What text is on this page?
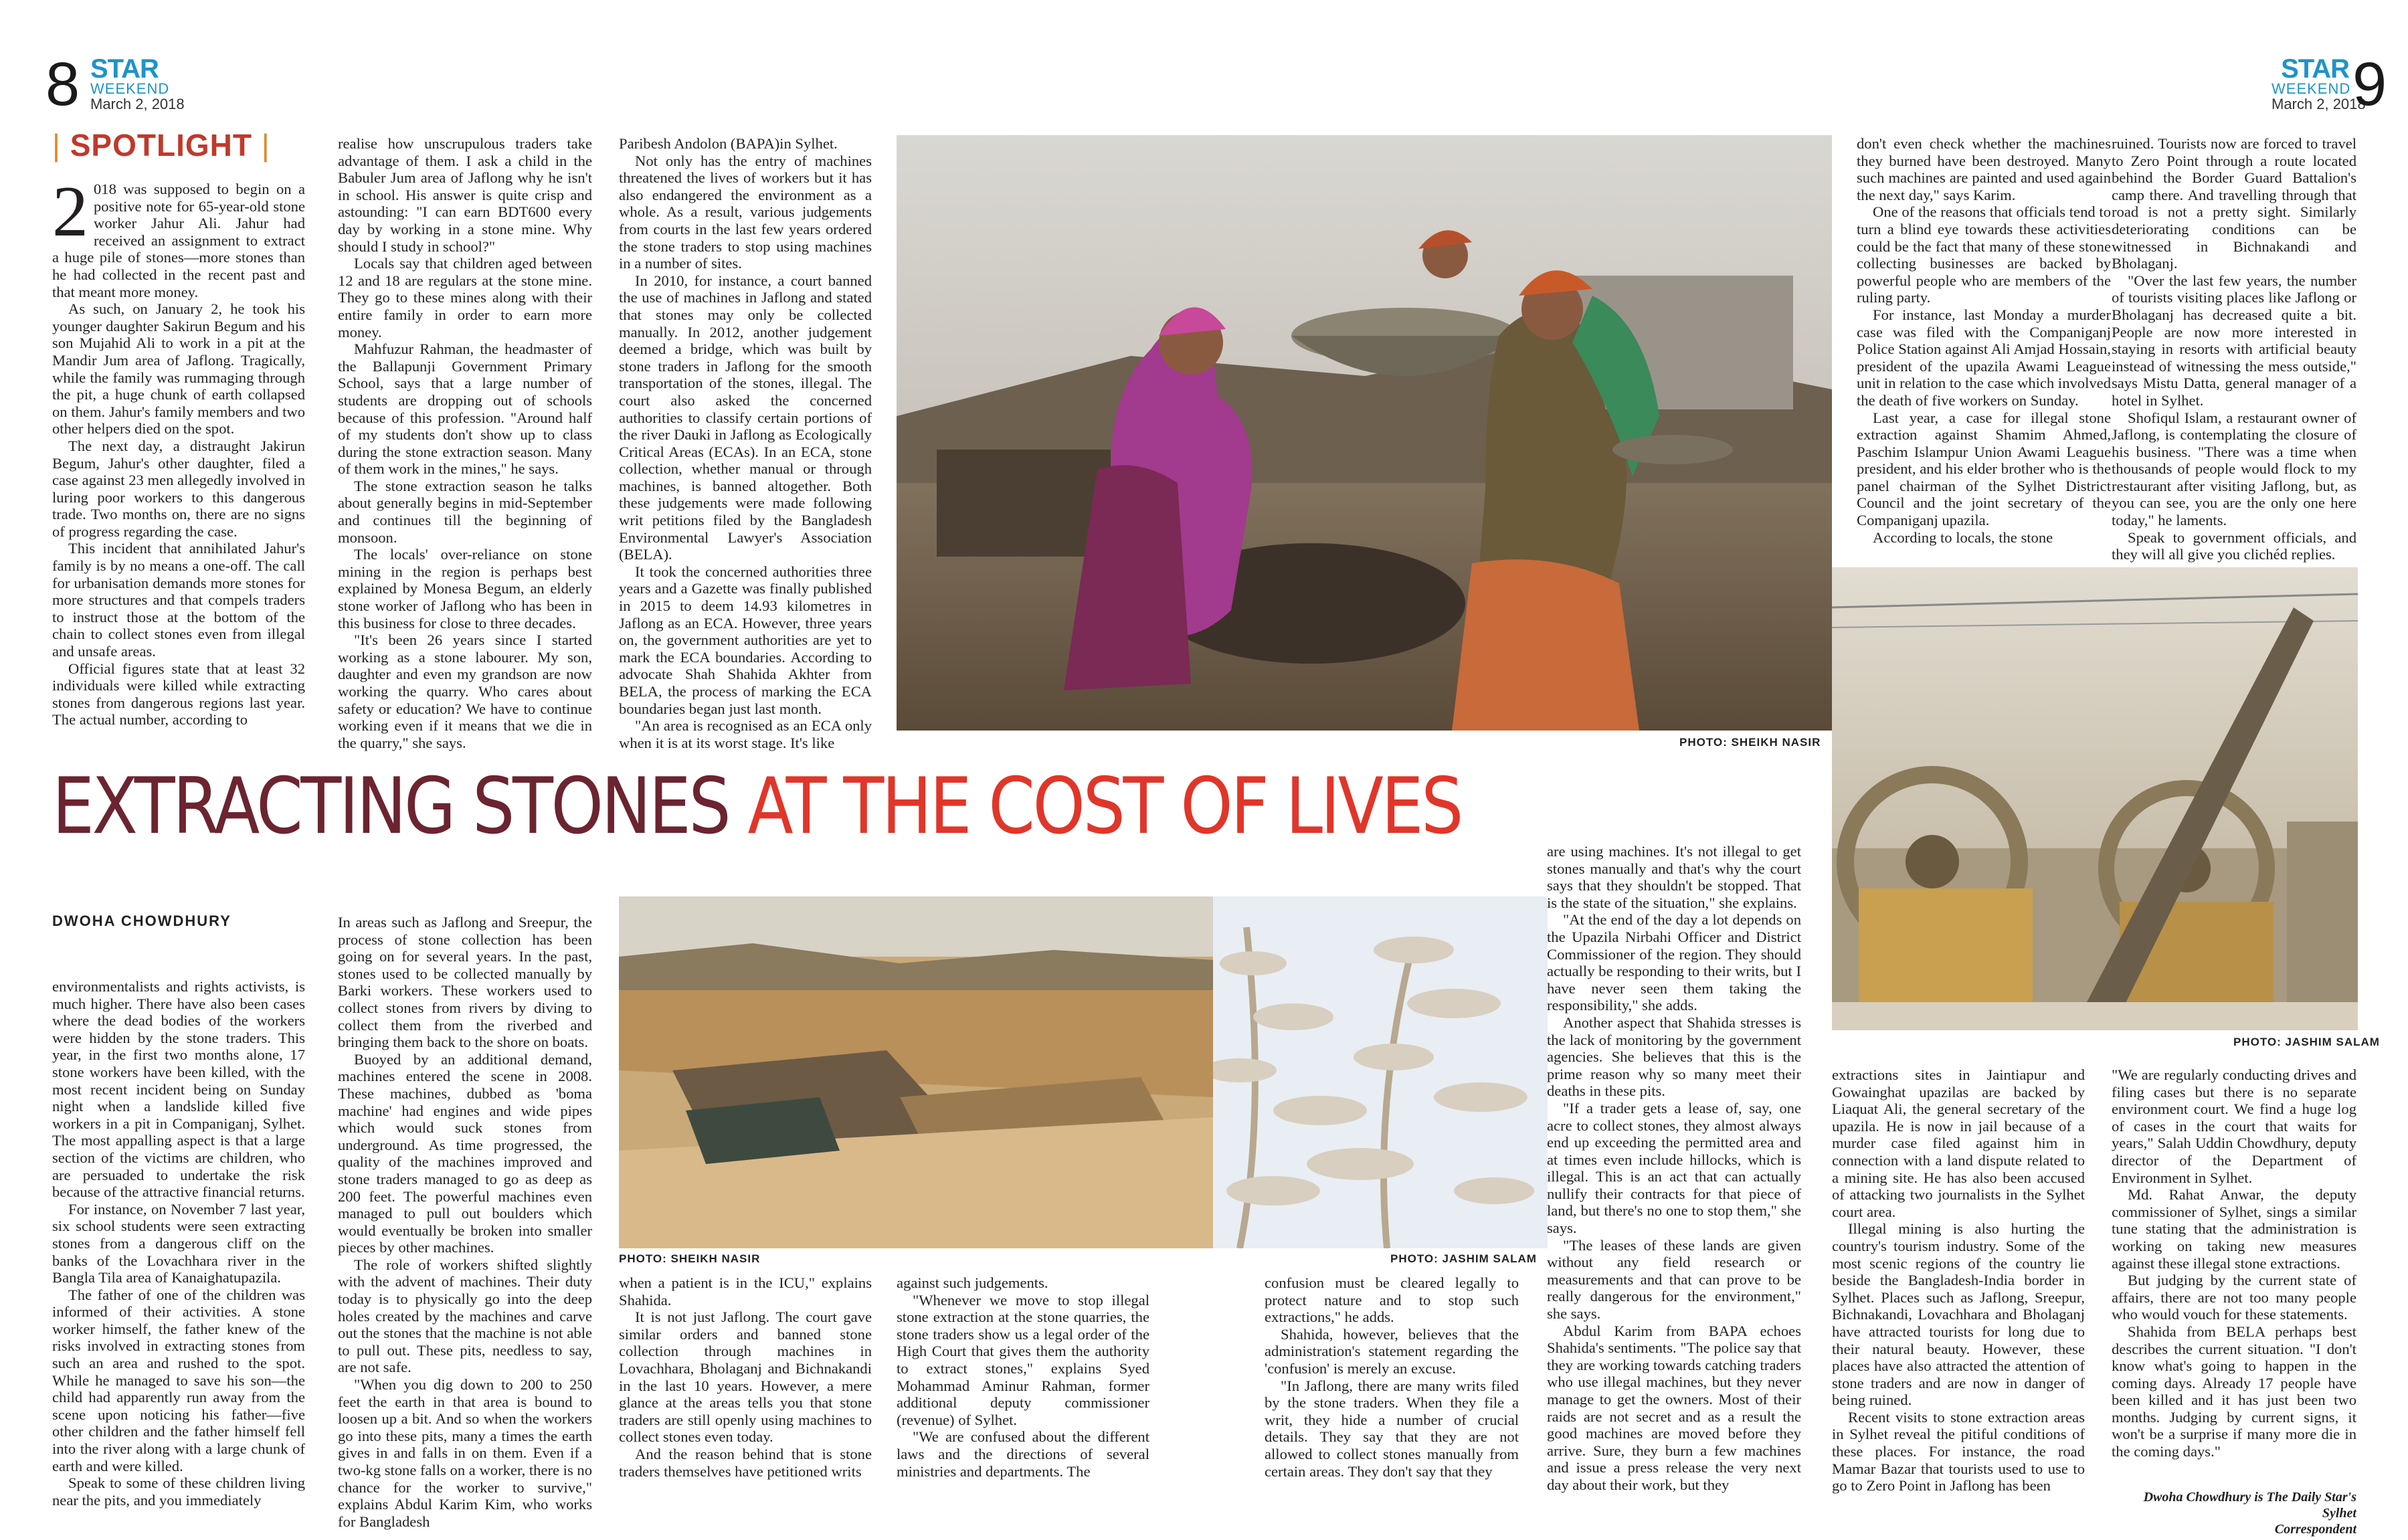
8 STAR
WEEKEND
March 2, 2018
STAR
WEEKEND
March 2, 2018
9
| SPOTLIGHT |

2 018 was supposed to begin on a positive note for 65-year-old stone worker Jahur Ali. Jahur had received an assignment to extract a huge pile of stones—more stones than he had collected in the recent past and that meant more money.

As such, on January 2, he took his younger daughter Sakirun Begum and his son Mujahid Ali to work in a pit at the Mandir Jum area of Jaflong. Tragically, while the family was rummaging through the pit, a huge chunk of earth collapsed on them. Jahur's family members and two other helpers died on the spot.

The next day, a distraught Jakirun Begum, Jahur's other daughter, filed a case against 23 men allegedly involved in luring poor workers to this dangerous trade. Two months on, there are no signs of progress regarding the case.

This incident that annihilated Jahur's family is by no means a one-off. The call for urbanisation demands more stones for more structures and that compels traders to instruct those at the bottom of the chain to collect stones even from illegal and unsafe areas.

Official figures state that at least 32 individuals were killed while extracting stones from dangerous regions last year. The actual number, according to

realise how unscrupulous traders take advantage of them. I ask a child in the Babuler Jum area of Jaflong why he isn't in school. His answer is quite crisp and astounding: "I can earn BDT600 every day by working in a stone mine. Why should I study in school?"

Locals say that children aged between 12 and 18 are regulars at the stone mine. They go to these mines along with their entire family in order to earn more money.

Mahfuzur Rahman, the headmaster of the Ballapunji Government Primary School, says that a large number of students are dropping out of schools because of this profession. "Around half of my students don't show up to class during the stone extraction season. Many of them work in the mines," he says.

The stone extraction season he talks about generally begins in mid-September and continues till the beginning of monsoon.

The locals' over-reliance on stone mining in the region is perhaps best explained by Monesa Begum, an elderly stone worker of Jaflong who has been in this business for close to three decades.

"It's been 26 years since I started working as a stone labourer. My son, daughter and even my grandson are now working the quarry. Who cares about safety or education? We have to continue working even if it means that we die in the quarry," she says.

Paribesh Andolon (BAPA)in Sylhet.

Not only has the entry of machines threatened the lives of workers but it has also endangered the environment as a whole. As a result, various judgements from courts in the last few years ordered the stone traders to stop using machines in a number of sites.

In 2010, for instance, a court banned the use of machines in Jaflong and stated that stones may only be collected manually. In 2012, another judgement deemed a bridge, which was built by stone traders in Jaflong for the smooth transportation of the stones, illegal. The court also asked the concerned authorities to classify certain portions of the river Dauki in Jaflong as Ecologically Critical Areas (ECAs). In an ECA, stone collection, whether manual or through machines, is banned altogether. Both these judgements were made following writ petitions filed by the Bangladesh Environmental Lawyer's Association (BELA).

It took the concerned authorities three years and a Gazette was finally published in 2015 to deem 14.93 kilometres in Jaflong as an ECA. However, three years on, the government authorities are yet to mark the ECA boundaries. According to advocate Shah Shahida Akhter from BELA, the process of marking the ECA boundaries began just last month.

"An area is recognised as an ECA only when it is at its worst stage. It's like	PHOTO: SHEIKH NASIR

don't even check whether the machines they burned have been destroyed. Many such machines are painted and used again the next day," says Karim.

One of the reasons that officials tend to turn a blind eye towards these activities could be the fact that many of these stone collecting businesses are backed by powerful people who are members of the ruling party.

For instance, last Monday a murder case was filed with the Companiganj Police Station against Ali Amjad Hossain, president of the upazila Awami League unit in relation to the case which involved the death of five workers on Sunday.

Last year, a case for illegal stone extraction against Shamim Ahmed, Paschim Islampur Union Awami League president, and his elder brother who is the panel chairman of the Sylhet District Council and the joint secretary of the Companiganj upazila.

According to locals, the stone

ruined. Tourists now are forced to travel to Zero Point through a route located behind the Border Guard Battalion's camp there. And travelling through that road is not a pretty sight. Similarly deteriorating conditions can be witnessed in Bichnakandi and Bholaganj.

"Over the last few years, the number of tourists visiting places like Jaflong or Bholaganj has decreased quite a bit. People are now more interested in staying in resorts with artificial beauty instead of witnessing the mess outside," says Mistu Datta, general manager of a hotel in Sylhet.

Shofiqul Islam, a restaurant owner of Jaflong, is contemplating the closure of his business. "There was a time when thousands of people would flock to my restaurant after visiting Jaflong, but, as you can see, you are the only one here today," he laments.

Speak to government officials, and they will all give you clichéd replies.

PHOTO: JASHIM SALAM
EXTRACTING STONES AT THE COST OF LIVES
DWOHA CHOWDHURY

environmentalists and rights activists, is much higher. There have also been cases where the dead bodies of the workers were hidden by the stone traders. This year, in the first two months alone, 17 stone workers have been killed, with the most recent incident being on Sunday night when a landslide killed five workers in a pit in Companiganj, Sylhet. The most appalling aspect is that a large section of the victims are children, who are persuaded to undertake the risk because of the attractive financial returns.

For instance, on November 7 last year, six school students were seen extracting stones from a dangerous cliff on the banks of the Lovachhara river in the Bangla Tila area of Kanaighatupazila.

The father of one of the children was informed of their activities. A stone worker himself, the father knew of the risks involved in extracting stones from such an area and rushed to the spot. While he managed to save his son—the child had apparently run away from the scene upon noticing his father—five other children and the father himself fell into the river along with a large chunk of earth and were killed.

Speak to some of these children living near the pits, and you immediately

In areas such as Jaflong and Sreepur, the process of stone collection has been going on for several years. In the past, stones used to be collected manually by Barki workers. These workers used to collect stones from rivers by diving to collect them from the riverbed and bringing them back to the shore on boats.

Buoyed by an additional demand, machines entered the scene in 2008. These machines, dubbed as 'boma machine' had engines and wide pipes which would suck stones from underground. As time progressed, the quality of the machines improved and stone traders managed to go as deep as 200 feet. The powerful machines even managed to pull out boulders which would eventually be broken into smaller pieces by other machines.

The role of workers shifted slightly with the advent of machines. Their duty today is to physically go into the deep holes created by the machines and carve out the stones that the machine is not able to pull out. These pits, needless to say, are not safe.

"When you dig down to 200 to 250 feet the earth in that area is bound to loosen up a bit. And so when the workers go into these pits, many a times the earth gives in and falls in on them. Even if a two-kg stone falls on a worker, there is no chance for the worker to survive," explains Abdul Karim Kim, who works for Bangladesh

PHOTO: SHEIKH NASIR	PHOTO: JASHIM SALAM

when a patient is in the ICU," explains Shahida.

It is not just Jaflong. The court gave similar orders and banned stone collection through machines in Lovachhara, Bholaganj and Bichnakandi in the last 10 years. However, a mere glance at the areas tells you that stone traders are still openly using machines to collect stones even today.

And the reason behind that is stone traders themselves have petitioned writs

against such judgements.

"Whenever we move to stop illegal stone extraction at the stone quarries, the stone traders show us a legal order of the High Court that gives them the authority to extract stones," explains Syed Mohammad Aminur Rahman, former additional deputy commissioner (revenue) of Sylhet.

"We are confused about the different laws and the directions of several ministries and departments. The

confusion must be cleared legally to protect nature and to stop such extractions," he adds.

Shahida, however, believes that the administration's statement regarding the 'confusion' is merely an excuse.

"In Jaflong, there are many writs filed by the stone traders. When they file a writ, they hide a number of crucial details. They say that they are not allowed to collect stones manually from certain areas. They don't say that they

are using machines. It's not illegal to get stones manually and that's why the court says that they shouldn't be stopped. That is the state of the situation," she explains.

"At the end of the day a lot depends on the Upazila Nirbahi Officer and District Commissioner of the region. They should actually be responding to their writs, but I have never seen them taking the responsibility," she adds.

Another aspect that Shahida stresses is the lack of monitoring by the government agencies. She believes that this is the prime reason why so many meet their deaths in these pits.

"If a trader gets a lease of, say, one acre to collect stones, they almost always end up exceeding the permitted area and at times even include hillocks, which is illegal. This is an act that can actually nullify their contracts for that piece of land, but there's no one to stop them," she says.

"The leases of these lands are given without any field research or measurements and that can prove to be really dangerous for the environment," she says.

Abdul Karim from BAPA echoes Shahida's sentiments. "The police say that they are working towards catching traders who use illegal machines, but they never manage to get the owners. Most of their raids are not secret and as a result the good machines are moved before they arrive. Sure, they burn a few machines and issue a press release the very next day about their work, but they

extractions sites in Jaintiapur and Gowainghat upazilas are backed by Liaquat Ali, the general secretary of the upazila. He is now in jail because of a murder case filed against him in connection with a land dispute related to a mining site. He has also been accused of attacking two journalists in the Sylhet court area.

Illegal mining is also hurting the country's tourism industry. Some of the most scenic regions of the country lie beside the Bangladesh-India border in Sylhet. Places such as Jaflong, Sreepur, Bichnakandi, Lovachhara and Bholaganj have attracted tourists for long due to their natural beauty. However, these places have also attracted the attention of stone traders and are now in danger of being ruined.

Recent visits to stone extraction areas in Sylhet reveal the pitiful conditions of these places. For instance, the road Mamar Bazar that tourists used to use to go to Zero Point in Jaflong has been

"We are regularly conducting drives and filing cases but there is no separate environment court. We find a huge log of cases in the court that waits for years," Salah Uddin Chowdhury, deputy director of the Department of Environment in Sylhet.

Md. Rahat Anwar, the deputy commissioner of Sylhet, sings a similar tune stating that the administration is working on taking new measures against these illegal stone extractions.

But judging by the current state of affairs, there are not too many people who would vouch for these statements.

Shahida from BELA perhaps best describes the current situation. "I don't know what's going to happen in the coming days. Already 17 people have been killed and it has just been two months. Judging by current signs, it won't be a surprise if many more die in the coming days."

Dwoha Chowdhury is The Daily Star's Sylhet
Correspondent
